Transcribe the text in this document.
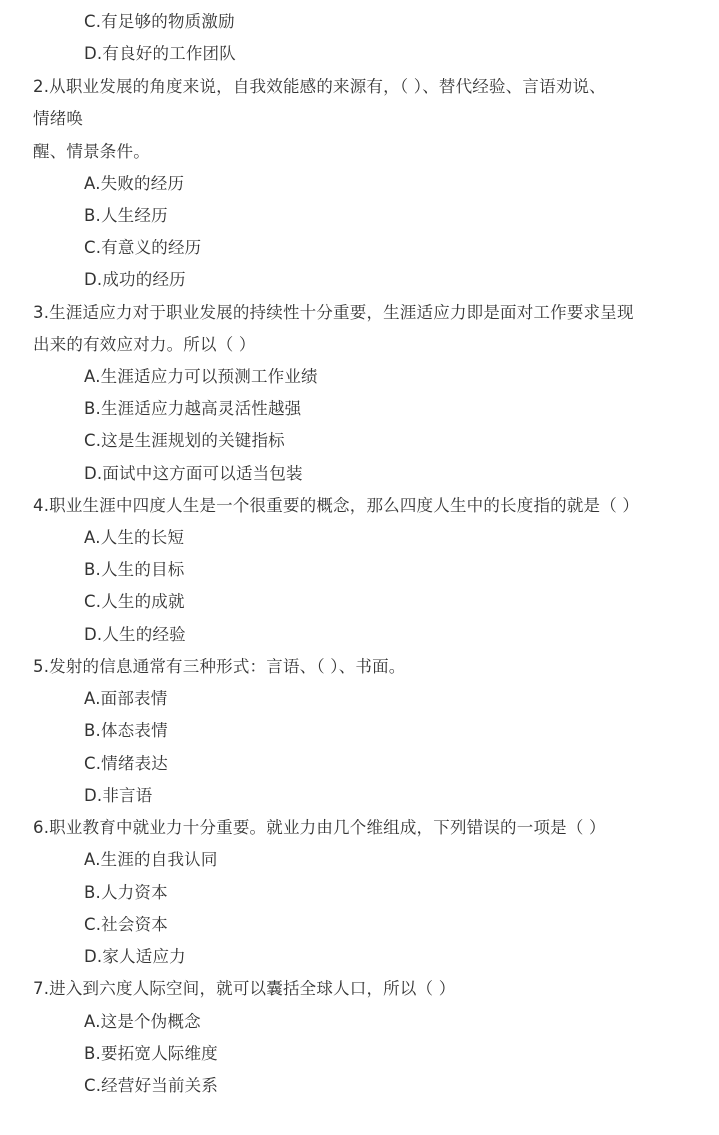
C.有足够的物质激励
D.有良好的工作团队
2.从职业发展的角度来说，自我效能感的来源有，（ ）、替代经验、言语劝说、
情绪唤
醒、情景条件。
A.失败的经历
B.人生经历
C.有意义的经历
D.成功的经历
3.生涯适应力对于职业发展的持续性十分重要，生涯适应力即是面对工作要求呈现
出来的有效应对力。所以（ ）
A.生涯适应力可以预测工作业绩
B.生涯适应力越高灵活性越强
C.这是生涯规划的关键指标
D.面试中这方面可以适当包装
4.职业生涯中四度人生是一个很重要的概念，那么四度人生中的长度指的就是（ ）
A.人生的长短
B.人生的目标
C.人生的成就
D.人生的经验
5.发射的信息通常有三种形式：言语、（ ）、书面。
A.面部表情
B.体态表情
C.情绪表达
D.非言语
6.职业教育中就业力十分重要。就业力由几个维组成，下列错误的一项是（ ）
A.生涯的自我认同
B.人力资本
C.社会资本
D.家人适应力
7.进入到六度人际空间，就可以囊括全球人口，所以（ ）
A.这是个伪概念
B.要拓宽人际维度
C.经营好当前关系
